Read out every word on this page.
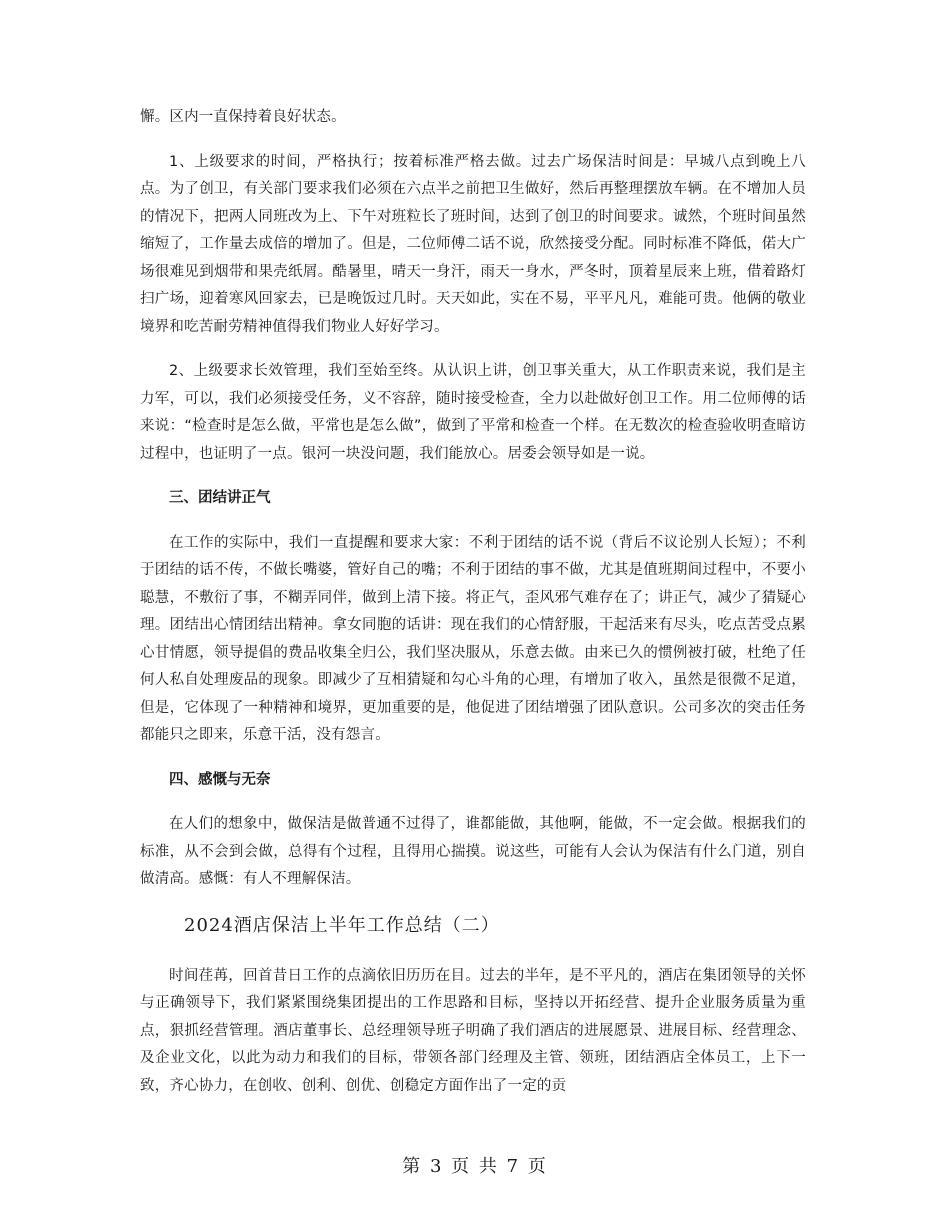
懈。区内一直保持着良好状态。

1、上级要求的时间，严格执行；按着标准严格去做。过去广场保洁时间是：早城八点到晚上八点。为了创卫，有关部门要求我们必须在六点半之前把卫生做好，然后再整理摆放车辆。在不增加人员的情况下，把两人同班改为上、下午对班粒长了班时间，达到了创卫的时间要求。诚然，个班时间虽然缩短了，工作量去成倍的增加了。但是，二位师傅二话不说，欣然接受分配。同时标准不降低，偌大广场很难见到烟带和果壳纸屑。酷暑里，晴天一身汗，雨天一身水，严冬时，顶着星辰来上班，借着路灯扫广场，迎着寒风回家去，已是晚饭过几时。天天如此，实在不易，平平凡凡，难能可贵。他俩的敬业境界和吃苦耐劳精神值得我们物业人好好学习。

2、上级要求长效管理，我们至始至终。从认识上讲，创卫事关重大，从工作职责来说，我们是主力军，可以，我们必须接受任务，义不容辞，随时接受检查，全力以赴做好创卫工作。用二位师傅的话来说：“检查时是怎么做，平常也是怎么做”，做到了平常和检查一个样。在无数次的检查验收明查暗访过程中，也证明了一点。银河一块没问题，我们能放心。居委会领导如是一说。

三、团结讲正气

在工作的实际中，我们一直提醒和要求大家：不利于团结的话不说（背后不议论别人长短）；不利于团结的话不传，不做长嘴婆，管好自己的嘴；不利于团结的事不做，尤其是值班期间过程中，不要小聪慧，不敷衍了事，不糊弄同伴，做到上清下接。将正气，歪风邪气难存在了；讲正气，减少了猜疑心理。团结出心情团结出精神。拿女同胞的话讲：现在我们的心情舒服，干起活来有尽头，吃点苦受点累心甘情愿，领导提倡的费品收集全归公，我们坚决服从，乐意去做。由来已久的惯例被打破，杜绝了任何人私自处理废品的现象。即减少了互相猜疑和勾心斗角的心理，有增加了收入，虽然是很微不足道，但是，它体现了一种精神和境界，更加重要的是，他促进了团结增强了团队意识。公司多次的突击任务都能只之即来，乐意干活，没有怨言。

四、感慨与无奈

在人们的想象中，做保洁是做普通不过得了，谁都能做，其他啊，能做，不一定会做。根据我们的标准，从不会到会做，总得有个过程，且得用心揣摸。说这些，可能有人会认为保洁有什么门道，别自做清高。感慨：有人不理解保洁。

2024酒店保洁上半年工作总结（二）

时间荏苒，回首昔日工作的点滴依旧历历在目。过去的半年，是不平凡的，酒店在集团领导的关怀与正确领导下，我们紧紧围绕集团提出的工作思路和目标，坚持以开拓经营、提升企业服务质量为重点，狠抓经营管理。酒店董事长、总经理领导班子明确了我们酒店的进展愿景、进展目标、经营理念、及企业文化，以此为动力和我们的目标，带领各部门经理及主管、领班，团结酒店全体员工，上下一致，齐心协力，在创收、创利、创优、创稳定方面作出了一定的贡

第 3 页 共 7 页
